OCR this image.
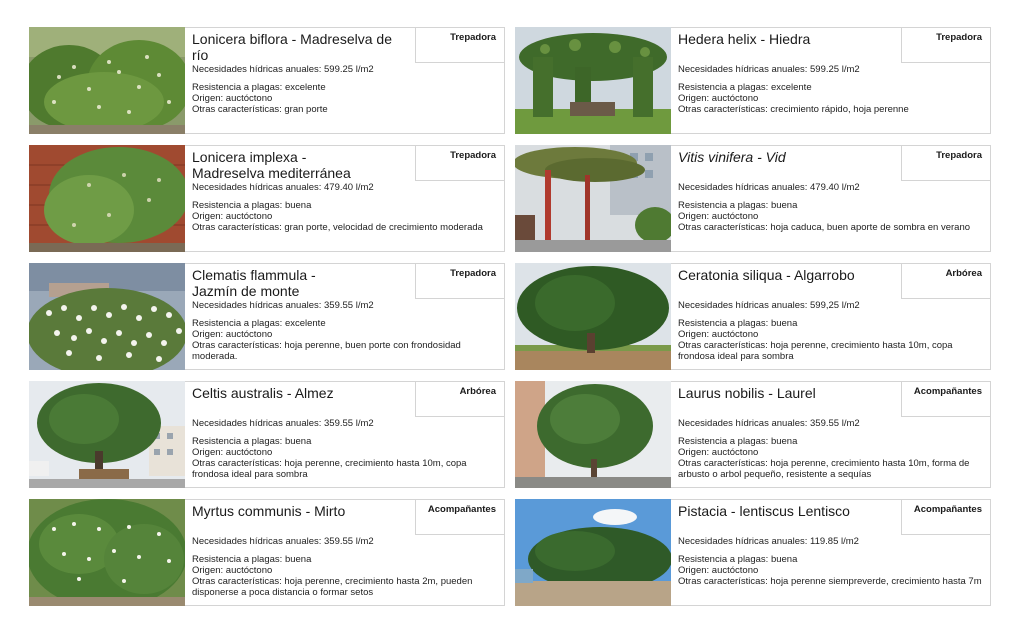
Lonicera biflora - Madreselva de río
Trepadora
Necesidades hídricas anuales: 599.25 l/m2
Resistencia a plagas: excelente
Origen: auctóctono
Otras características: gran porte
Hedera helix - Hiedra	Trepadora
Necesidades hídricas anuales: 599.25 l/m2
Resistencia a plagas: excelente
Origen: auctóctono
Otras características: crecimiento rápido, hoja perenne
Lonicera implexa -
Madreselva mediterránea
Trepadora
Necesidades hídricas anuales: 479.40 l/m2
Resistencia a plagas: buena
Origen: auctóctono
Otras características: gran porte, velocidad de crecimiento moderada
Vitis vinifera - Vid	Trepadora
Necesidades hídricas anuales: 479.40 l/m2
Resistencia a plagas: buena
Origen: auctóctono
Otras características: hoja caduca, buen aporte de sombra en verano
Clematis flammula -
Jazmín de monte
Trepadora
Necesidades hídricas anuales: 359.55 l/m2
Resistencia a plagas: excelente
Origen: auctóctono
Otras características: hoja perenne, buen porte con frondosidad moderada.
Ceratonia siliqua - Algarrobo	Arbórea
Necesidades hídricas anuales: 599,25 l/m2
Resistencia a plagas: buena
Origen: auctóctono
Otras características: hoja perenne, crecimiento hasta 10m, copa frondosa ideal para sombra
Celtis australis - Almez	Arbórea
Necesidades hídricas anuales: 359.55 l/m2
Resistencia a plagas: buena
Origen: auctóctono
Otras características: hoja perenne, crecimiento hasta 10m, copa frondosa ideal para sombra
Laurus nobilis - Laurel	Acompañantes
Necesidades hídricas anuales: 359.55 l/m2
Resistencia a plagas: buena
Origen: auctóctono
Otras características: hoja perenne, crecimiento hasta 10m, forma de arbusto o arbol pequeño, resistente a sequías
Myrtus communis - Mirto	Acompañantes
Necesidades hídricas anuales: 359.55 l/m2
Resistencia a plagas: buena
Origen: auctóctono
Otras características: hoja perenne, crecimiento hasta 2m, pueden disponerse a poca distancia o formar setos
Pistacia - lentiscus Lentisco	Acompañantes
Necesidades hídricas anuales: 119.85 l/m2
Resistencia a plagas: buena
Origen: auctóctono
Otras características: hoja perenne siempreverde, crecimiento hasta 7m
